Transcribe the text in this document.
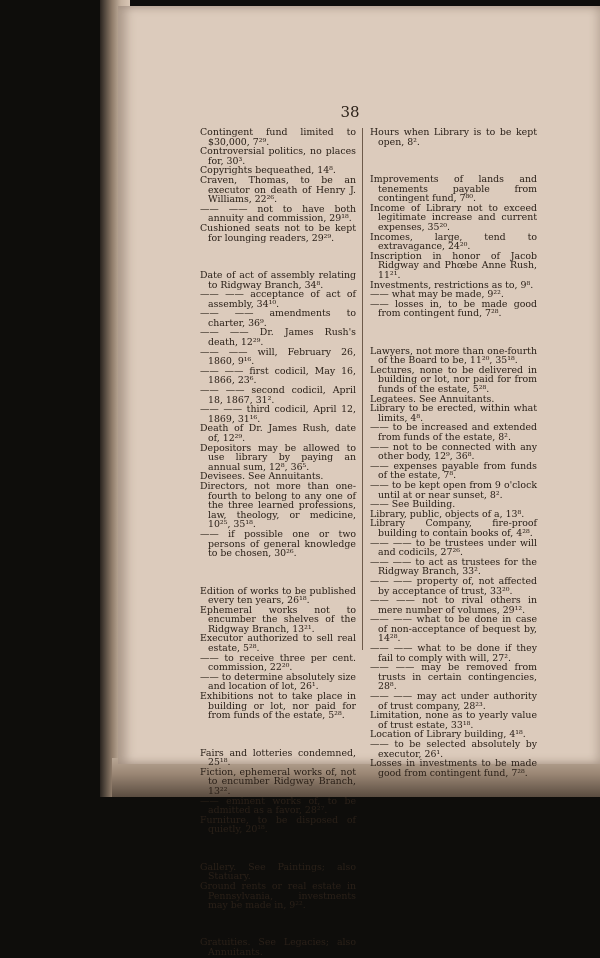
38

Contingent fund limited to $30,000, 7²⁹.

Controversial politics, no places for, 30³.

Copyrights bequeathed, 14⁸.

Craven, Thomas, to be an executor on death of Henry J. Williams, 22²⁶.

—— —— not to have both annuity and commission, 29¹⁸.

Cushioned seats not to be kept for lounging readers, 29²⁹.

Date of act of assembly relating to Ridgway Branch, 34⁸.

—— —— acceptance of act of assembly, 34¹⁰.

—— —— amendments to charter, 36⁹.

—— —— Dr. James Rush's death, 12²⁹.

—— —— will, February 26, 1860, 9¹⁶.

—— —— first codicil, May 16, 1866, 23⁶.

—— —— second codicil, April 18, 1867, 31².

—— —— third codicil, April 12, 1869, 31¹⁶.

Death of Dr. James Rush, date of, 12²⁹.

Depositors may be allowed to use library by paying an annual sum, 12⁸, 36⁵.

Devisees. See Annuitants.

Directors, not more than one-fourth to belong to any one of the three learned professions, law, theology, or medicine, 10²⁵, 35¹⁸.

—— if possible one or two persons of general knowledge to be chosen, 30²⁶.

Edition of works to be published every ten years, 26¹⁸.

Ephemeral works not to encumber the shelves of the Ridgway Branch, 13²¹.

Executor authorized to sell real estate, 5²⁸.

—— to receive three per cent. commission, 22²⁰.

—— to determine absolutely size and location of lot, 26¹.

Exhibitions not to take place in building or lot, nor paid for from funds of the estate, 5²⁸.

Fairs and lotteries condemned, 25¹⁸.

Fiction, ephemeral works of, not to encumber Ridgway Branch, 13²².

—— eminent works of, to be admitted as a favor, 28²⁷.

Furniture, to be disposed of quietly, 20¹⁸.

Gallery. See Paintings; also Statuary.

Ground rents or real estate in Pennsylvania, investments may be made in, 9²².

Gratuities. See Legacies; also Annuitants.

Hours when Library is to be kept open, 8².

Improvements of lands and tenements payable from contingent fund, 7⁸⁰.

Income of Library not to exceed legitimate increase and current expenses, 35²⁰.

Incomes, large, tend to extravagance, 24²⁰.

Inscription in honor of Jacob Ridgway and Phœbe Anne Rush, 11²¹.

Investments, restrictions as to, 9⁸.

—— what may be made, 9²².

—— losses in, to be made good from contingent fund, 7²⁸.

Lawyers, not more than one-fourth of the Board to be, 11²⁰, 35¹⁸.

Lectures, none to be delivered in building or lot, nor paid for from funds of the estate, 5²⁸.

Legatees. See Annuitants.

Library to be erected, within what limits, 4⁸.

—— to be increased and extended from funds of the estate, 8².

—— not to be connected with any other body, 12⁹, 36⁸.

—— expenses payable from funds of the estate, 7⁸.

—— to be kept open from 9 o'clock until at or near sunset, 8².

—— See Building.

Library, public, objects of a, 13⁸.

Library Company, fire-proof building to contain books of, 4²⁸.

—— —— to be trustees under will and codicils, 27²⁶.

—— —— to act as trustees for the Ridgway Branch, 33².

—— —— property of, not affected by acceptance of trust, 33²⁰.

—— —— not to rival others in mere number of volumes, 29¹².

—— —— what to be done in case of non-acceptance of bequest by, 14²⁸.

—— —— what to be done if they fail to comply with will, 27².

—— —— may be removed from trusts in certain contingencies, 28⁸.

—— —— may act under authority of trust company, 28²³.

Limitation, none as to yearly value of trust estate, 33¹⁸.

Location of Library building, 4¹⁸.

—— to be selected absolutely by executor, 26¹.

Losses in investments to be made good from contingent fund, 7²⁸.
